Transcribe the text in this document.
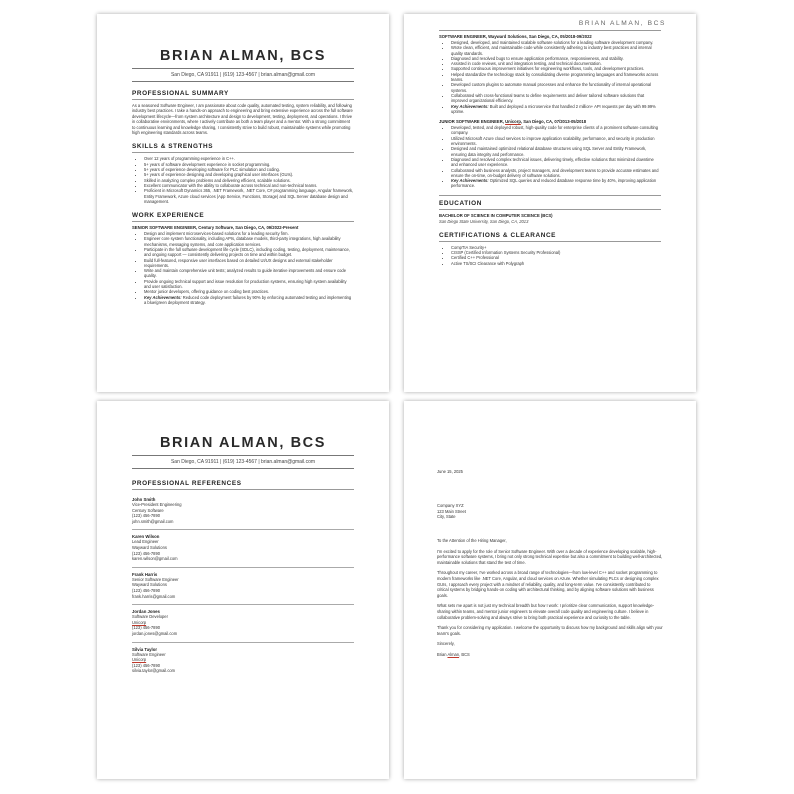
BRIAN ALMAN, BCS
San Diego, CA 91911 | (619) 123-4567 | brian.alman@gmail.com
PROFESSIONAL SUMMARY
As a seasoned Software Engineer, I am passionate about code quality, automated testing, system reliability, and following industry best practices. I take a hands-on approach to engineering and bring extensive experience across the full software development lifecycle—from system architecture and design to development, testing, deployment, and operations. I thrive in collaborative environments, where I actively contribute as both a team player and a mentor. With a strong commitment to continuous learning and knowledge sharing, I consistently strive to build robust, maintainable systems while promoting high engineering standards across teams.
SKILLS & STRENGTHS
• Over 12 years of programming experience in C++.
• 5+ years of software development experience in socket programming.
• 5+ years of experience developing software for PLC simulation and coding.
• 5+ years of experience designing and developing graphical user interfaces (GUIs).
• Skilled in analyzing complex problems and delivering efficient, scalable solutions.
• Excellent communicator with the ability to collaborate across technical and non-technical teams.
• Proficient in Microsoft Dynamics 365, .NET Framework, .NET Core, C# programming language, Angular framework, Entity Framework, Azure cloud services (App Service, Functions, Storage) and SQL Server database design and management.
WORK EXPERIENCE
SENIOR SOFTWARE ENGINEER, Century Software, San Diego, CA, 09/2022-Present
• Design and implement microservices-based solutions for a leading security firm.
• Engineer core system functionality, including APIs, database models, third-party integrations, high availability mechanisms, messaging systems, and core application services.
• Participate in the full software development life cycle (SDLC), including coding, testing, deployment, maintenance, and ongoing support — consistently delivering projects on time and within budget.
• Build full-featured, responsive user interfaces based on detailed UI/UX designs and external stakeholder requirements.
• Write and maintain comprehensive unit tests; analyzed results to guide iterative improvements and ensure code quality.
• Provide ongoing technical support and issue resolution for production systems, ensuring high system availability and user satisfaction.
• Mentor junior developers, offering guidance on coding best practices.
• Key Achievements: Reduced code deployment failures by 90% by enforcing automated testing and implementing a blue/green deployment strategy.
BRIAN ALMAN, BCS
SOFTWARE ENGINEER, Wayward Solutions, San Diego, CA, 05/2018-09/2022
• Designed, developed, and maintained scalable software solutions for a leading software development company.
• Wrote clean, efficient, and maintainable code while consistently adhering to industry best practices and internal quality standards.
• Diagnosed and resolved bugs to ensure application performance, responsiveness, and stability.
• Assisted in code reviews, unit and integration testing, and technical documentation.
• Supported continuous improvement initiatives for engineering workflows, tools, and development practices.
• Helped standardize the technology stack by consolidating diverse programming languages and frameworks across teams.
• Developed custom plugins to automate manual processes and enhance the functionality of internal operational systems.
• Collaborated with cross-functional teams to define requirements and deliver tailored software solutions that improved organizational efficiency.
• Key Achievements: Built and deployed a microservice that handled 2 million+ API requests per day with 99.99% uptime.
JUNIOR SOFTWARE ENGINEER, Unicorp, San Diego, CA, 07/2013-05/2018
• Developed, tested, and deployed robust, high-quality code for enterprise clients of a prominent software consulting company.
• Utilized Microsoft Azure cloud services to improve application scalability, performance, and security in production environments.
• Designed and maintained optimized relational database structures using SQL Server and Entity Framework, ensuring data integrity and performance.
• Diagnosed and resolved complex technical issues, delivering timely, effective solutions that minimized downtime and enhanced user experience.
• Collaborated with business analysts, project managers, and development teams to provide accurate estimates and ensure the on-time, on-budget delivery of software solutions.
• Key Achievements: Optimized SQL queries and reduced database response time by 40%, improving application performance.
EDUCATION
BACHELOR OF SCIENCE IN COMPUTER SCIENCE (BCS)
San Diego State University, San Diego, CA, 2013
CERTIFICATIONS & CLEARANCE
• CompTIA Security+
• CISSP (Certified Information Systems Security Professional)
• Certified C++ Professional
• Active TS/SCI Clearance with Polygraph
BRIAN ALMAN, BCS
San Diego, CA 91911 | (619) 123-4567 | brian.alman@gmail.com
PROFESSIONAL REFERENCES
John Smith
Vice-President Engineering
Century Software
(123) 456-7890
john.smith@gmail.com
Karen Wilson
Lead Engineer
Wayward Solutions
(123) 456-7890
karen.wilson@gmail.com
Frank Harris
Senior Software Engineer
Wayward Solutions
(123) 456-7890
frank.harris@gmail.com
Jordan Jones
Software Developer
Unicorp
(123) 456-7890
jordan.jones@gmail.com
Silvia Taylor
Software Engineer
Unicorp
(123) 456-7890
silvia.taylor@gmail.com
June 15, 2025
Company XYZ
123 Main Street
City, State
To the Attention of the Hiring Manager,
I'm excited to apply for the role of Senior Software Engineer. With over a decade of experience developing scalable, high-performance software systems, I bring not only strong technical expertise but also a commitment to building well-architected, maintainable solutions that stand the test of time.
Throughout my career, I've worked across a broad range of technologies—from low-level C++ and socket programming to modern frameworks like .NET Core, Angular, and cloud services on Azure. Whether simulating PLCs or designing complex GUIs, I approach every project with a mindset of reliability, quality, and long-term value. I've consistently contributed to critical systems by bridging hands-on coding with architectural thinking, and by aligning software solutions with business goals.
What sets me apart is not just my technical breadth but how I work: I prioritize clear communication, support knowledge-sharing within teams, and mentor junior engineers to elevate overall code quality and engineering culture. I believe in collaborative problem-solving and always strive to bring both practical experience and curiosity to the table.
Thank you for considering my application. I welcome the opportunity to discuss how my background and skills align with your team's goals.
Sincerely,
Brian Alman, BCS
